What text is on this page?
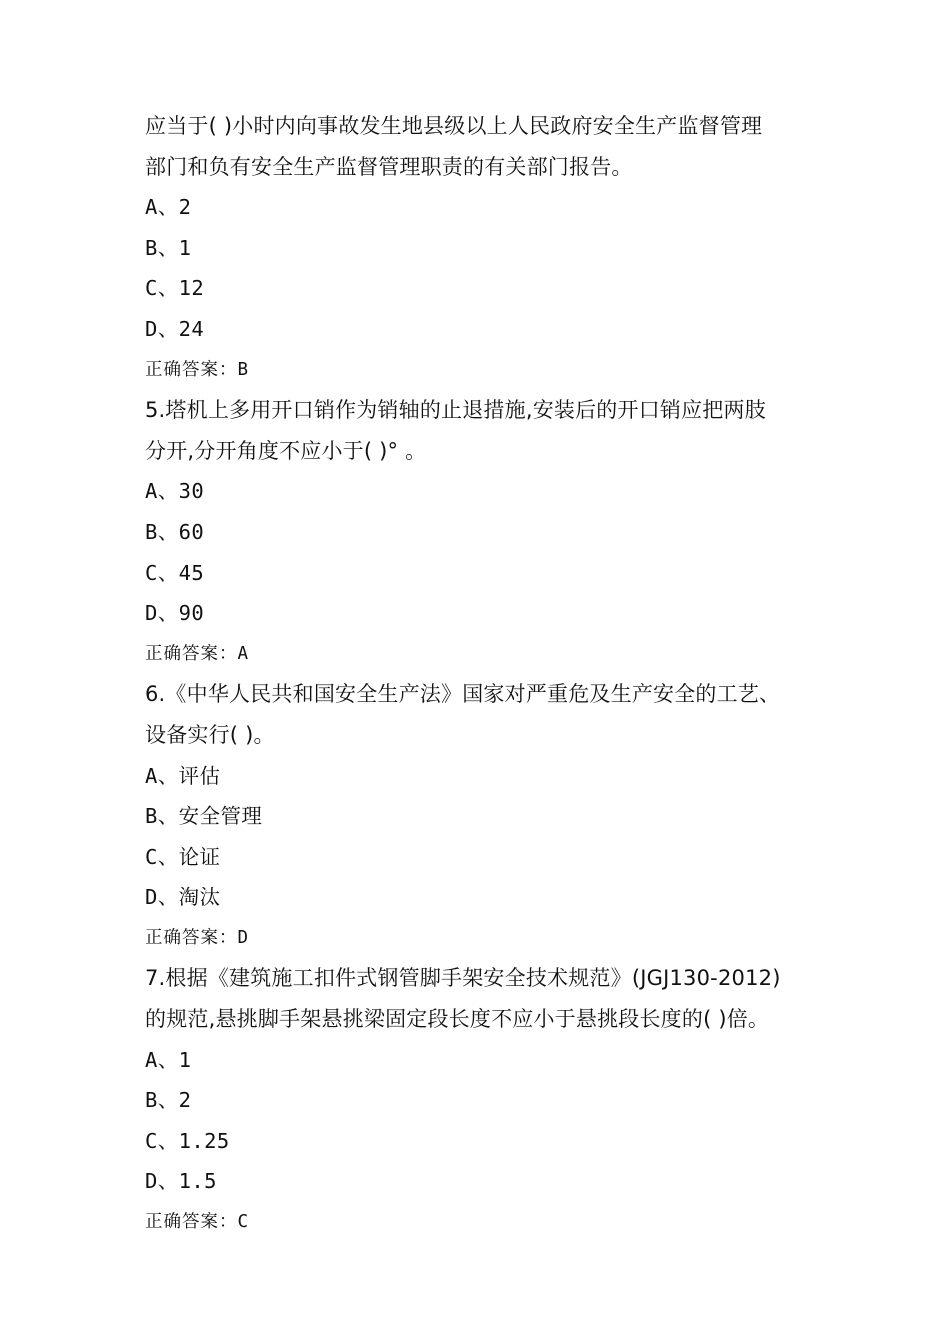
应当于( )小时内向事故发生地县级以上人民政府安全生产监督管理
部门和负有安全生产监督管理职责的有关部门报告。
A、2
B、1
C、12
D、24
正确答案：B
5.塔机上多用开口销作为销轴的止退措施,安装后的开口销应把两肢
分开,分开角度不应小于( )° 。
A、30
B、60
C、45
D、90
正确答案：A
6.《中华人民共和国安全生产法》国家对严重危及生产安全的工艺、
设备实行( )。
A、评估
B、安全管理
C、论证
D、淘汰
正确答案：D
7.根据《建筑施工扣件式钢管脚手架安全技术规范》(JGJ130-2012)
的规范,悬挑脚手架悬挑梁固定段长度不应小于悬挑段长度的( )倍。
A、1
B、2
C、1.25
D、1.5
正确答案：C
